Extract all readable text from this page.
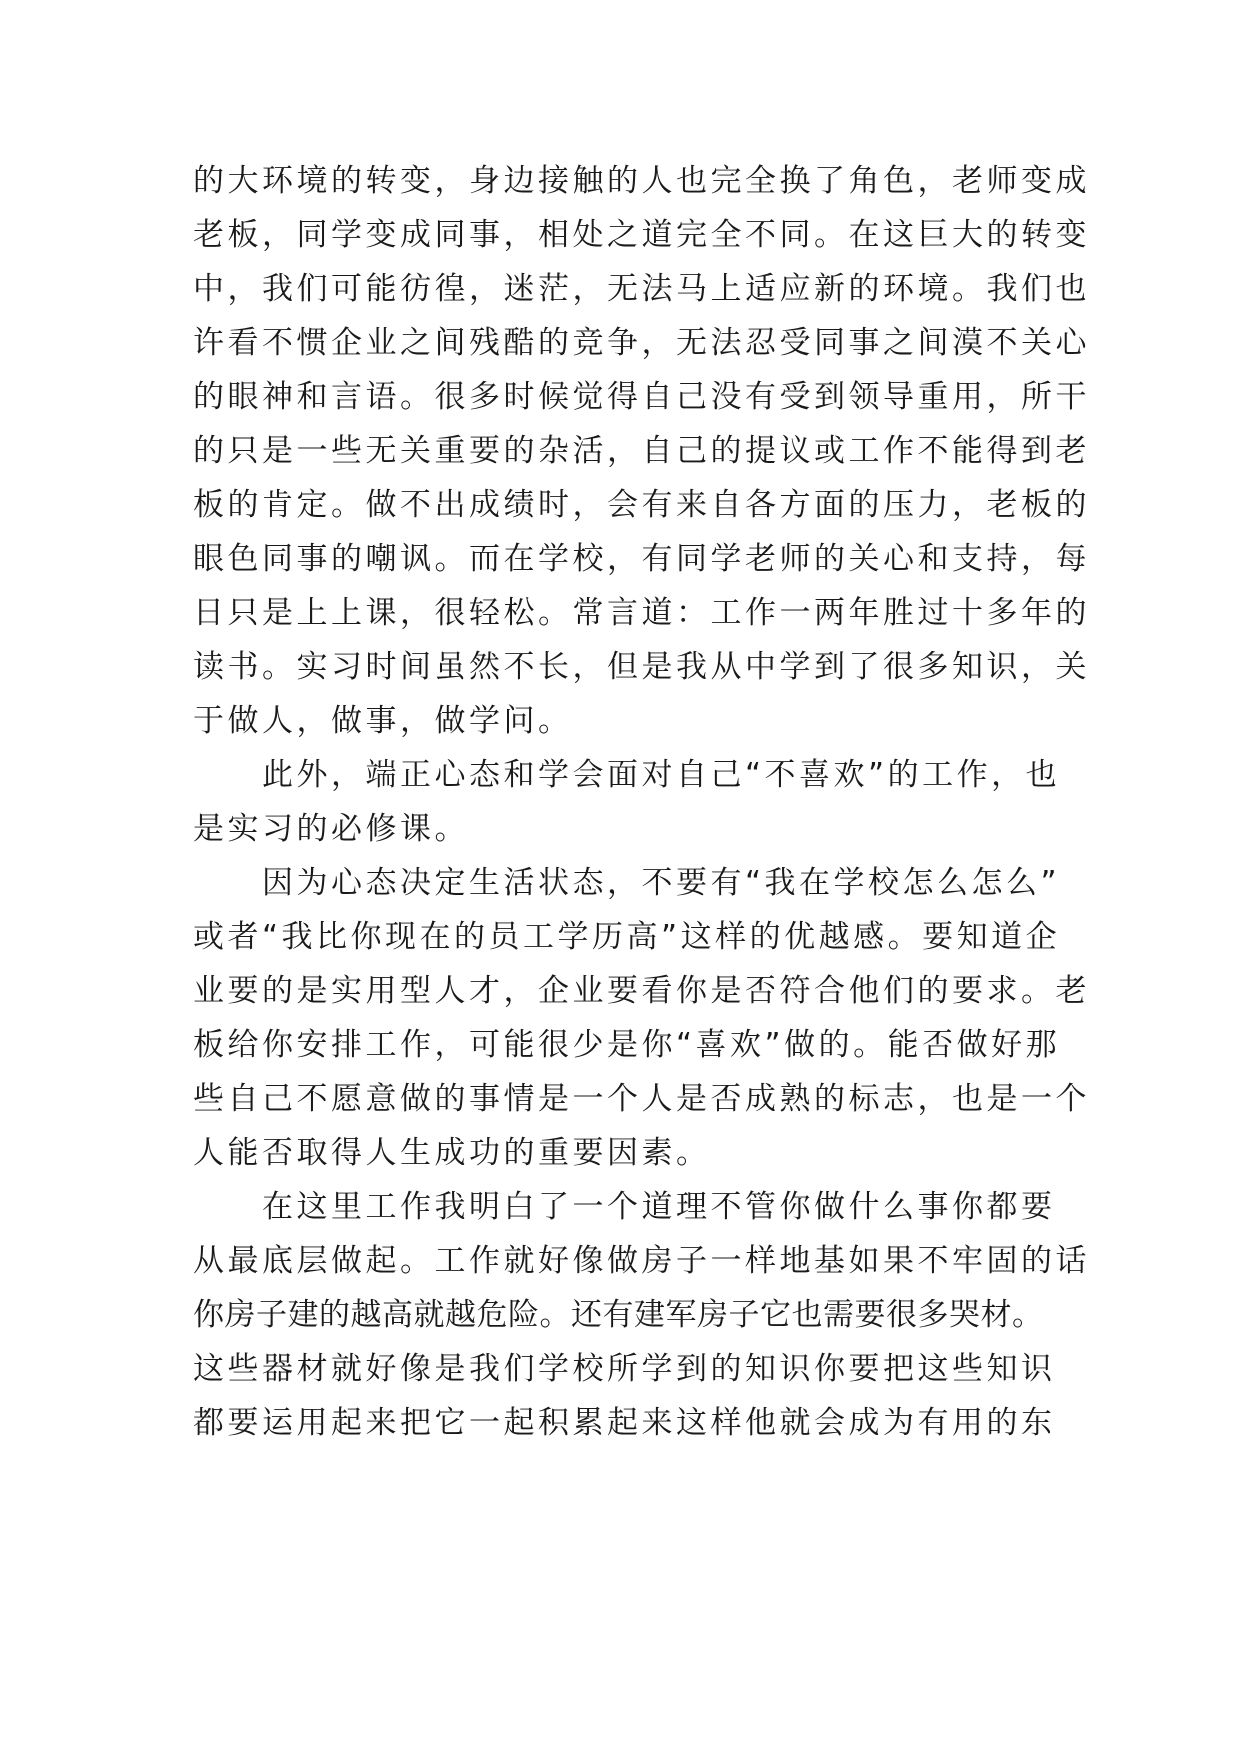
的大环境的转变，身边接触的人也完全换了角色，老师变成
老板，同学变成同事，相处之道完全不同。在这巨大的转变
中，我们可能彷徨，迷茫，无法马上适应新的环境。我们也
许看不惯企业之间残酷的竞争，无法忍受同事之间漠不关心
的眼神和言语。很多时候觉得自己没有受到领导重用，所干
的只是一些无关重要的杂活，自己的提议或工作不能得到老
板的肯定。做不出成绩时，会有来自各方面的压力，老板的
眼色同事的嘲讽。而在学校，有同学老师的关心和支持，每
日只是上上课，很轻松。常言道：工作一两年胜过十多年的
读书。实习时间虽然不长，但是我从中学到了很多知识，关
于做人，做事，做学问。
此外，端正心态和学会面对自己“不喜欢”的工作，也
是实习的必修课。
因为心态决定生活状态，不要有“我在学校怎么怎么”
或者“我比你现在的员工学历高”这样的优越感。要知道企
业要的是实用型人才，企业要看你是否符合他们的要求。老
板给你安排工作，可能很少是你“喜欢”做的。能否做好那
些自己不愿意做的事情是一个人是否成熟的标志，也是一个
人能否取得人生成功的重要因素。
在这里工作我明白了一个道理不管你做什么事你都要
从最底层做起。工作就好像做房子一样地基如果不牢固的话
你房子建的越高就越危险。还有建军房子它也需要很多哭材。
这些器材就好像是我们学校所学到的知识你要把这些知识
都要运用起来把它一起积累起来这样他就会成为有用的东
